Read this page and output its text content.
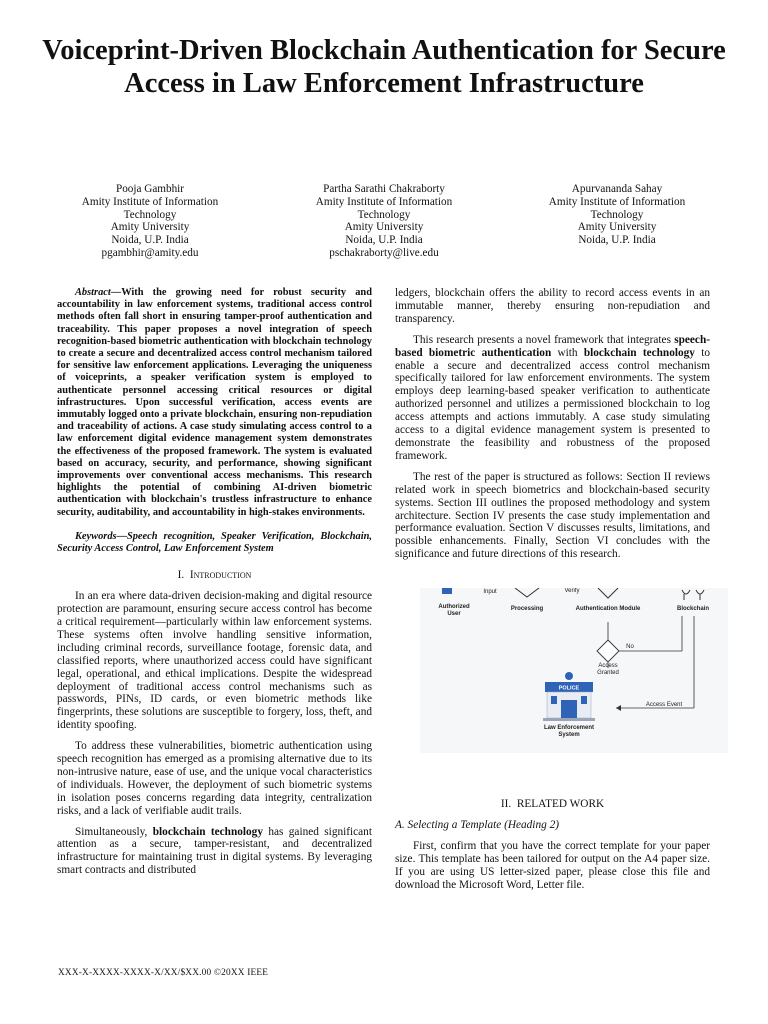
Voiceprint-Driven Blockchain Authentication for Secure Access in Law Enforcement Infrastructure
Pooja Gambhir
Amity Institute of Information Technology
Amity University
Noida, U.P. India
pgambhir@amity.edu
Partha Sarathi Chakraborty
Amity Institute of Information Technology
Amity University
Noida, U.P. India
pschakraborty@live.edu
Apurvananda Sahay
Amity Institute of Information Technology
Amity University
Noida, U.P. India

Abstract—With the growing need for robust security and accountability in law enforcement systems, traditional access control methods often fall short in ensuring tamper-proof authentication and traceability. This paper proposes a novel integration of speech recognition-based biometric authentication with blockchain technology to create a secure and decentralized access control mechanism tailored for sensitive law enforcement applications. Leveraging the uniqueness of voiceprints, a speaker verification system is employed to authenticate personnel accessing critical resources or digital infrastructures. Upon successful verification, access events are immutably logged onto a private blockchain, ensuring non-repudiation and traceability of actions. A case study simulating access control to a law enforcement digital evidence management system demonstrates the effectiveness of the proposed framework. The system is evaluated based on accuracy, security, and performance, showing significant improvements over conventional access mechanisms. This research highlights the potential of combining AI-driven biometric authentication with blockchain's trustless infrastructure to enhance security, auditability, and accountability in high-stakes environments.

Keywords—Speech recognition, Speaker Verification, Blockchain, Security Access Control, Law Enforcement System

I. Introduction

In an era where data-driven decision-making and digital resource protection are paramount, ensuring secure access control has become a critical requirement—particularly within law enforcement systems. These systems often involve handling sensitive information, including criminal records, surveillance footage, forensic data, and classified reports, where unauthorized access could have significant legal, operational, and ethical implications. Despite the widespread deployment of traditional access control mechanisms such as passwords, PINs, ID cards, or even biometric methods like fingerprints, these solutions are susceptible to forgery, loss, theft, and identity spoofing.

To address these vulnerabilities, biometric authentication using speech recognition has emerged as a promising alternative due to its non-intrusive nature, ease of use, and the unique vocal characteristics of individuals. However, the deployment of such biometric systems in isolation poses concerns regarding data integrity, centralization risks, and a lack of verifiable audit trails.

Simultaneously, blockchain technology has gained significant attention as a secure, tamper-resistant, and decentralized infrastructure for maintaining trust in digital systems. By leveraging smart contracts and distributed

ledgers, blockchain offers the ability to record access events in an immutable manner, thereby ensuring non-repudiation and transparency.

This research presents a novel framework that integrates speech-based biometric authentication with blockchain technology to enable a secure and decentralized access control mechanism specifically tailored for law enforcement environments. The system employs deep learning-based speaker verification to authenticate authorized personnel and utilizes a permissioned blockchain to log access attempts and actions immutably. A case study simulating access to a digital evidence management system is presented to demonstrate the feasibility and robustness of the proposed framework.

The rest of the paper is structured as follows: Section II reviews related work in speech biometrics and blockchain-based security systems. Section III outlines the proposed methodology and system architecture. Section IV presents the case study implementation and performance evaluation. Section V discusses results, limitations, and possible enhancements. Finally, Section VI concludes with the significance and future directions of this research.

Input	Verify
Authorized User
Processing	Authentication Module	Blockchain
No
Access Granted
Access Event
POLICE
Law Enforcement System

II. RELATED WORK

A. Selecting a Template (Heading 2)

First, confirm that you have the correct template for your paper size. This template has been tailored for output on the A4 paper size. If you are using US letter-sized paper, please close this file and download the Microsoft Word, Letter file.

XXX-X-XXXX-XXXX-X/XX/$XX.00 ©20XX IEEE
